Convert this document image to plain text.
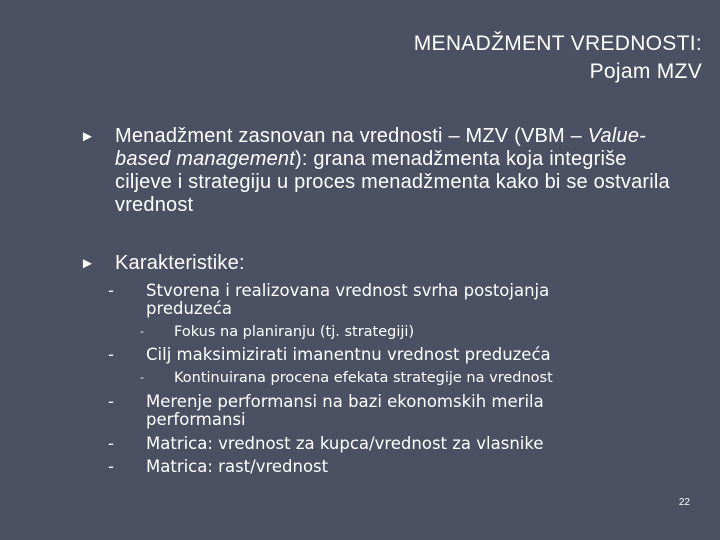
MENADŽMENT VREDNOSTI:
Pojam MZV
► Menadžment zasnovan na vrednosti – MZV (VBM – Value-based management): grana menadžmenta koja integriše ciljeve i strategiju u proces menadžmenta kako bi se ostvarila vrednost
► Karakteristike:
- Stvorena i realizovana vrednost svrha postojanja preduzeća
- Fokus na planiranju (tj. strategiji)
- Cilj maksimizirati imanentnu vrednost preduzeća
- Kontinuirana procena efekata strategije na vrednost
- Merenje performansi na bazi ekonomskih merila performansi
- Matrica: vrednost za kupca/vrednost za vlasnike
- Matrica: rast/vrednost
22
